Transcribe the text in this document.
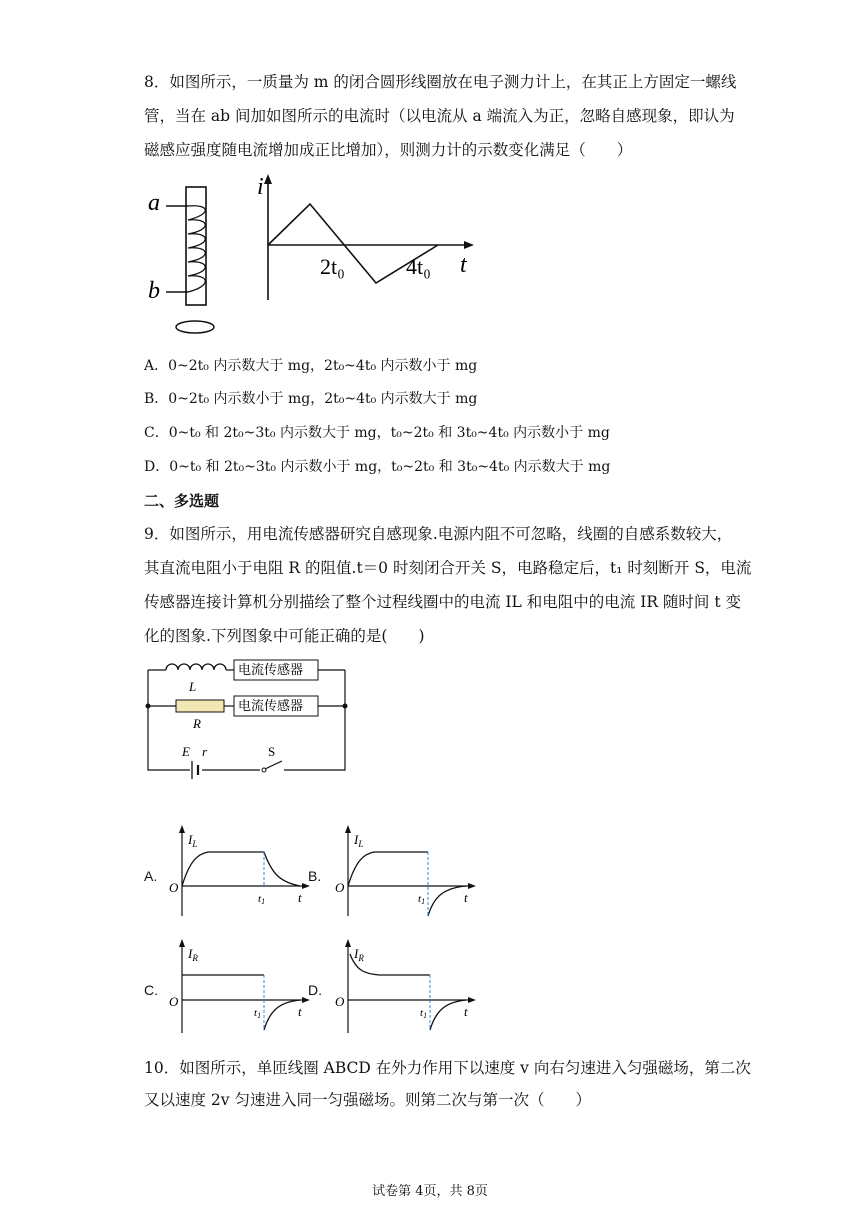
8．如图所示，一质量为 m 的闭合圆形线圈放在电子测力计上，在其正上方固定一螺线
管，当在 ab 间加如图所示的电流时（以电流从 a 端流入为正，忽略自感现象，即认为
磁感应强度随电流增加成正比增加），则测力计的示数变化满足（　　）
a
b
i
t
2t₀	4t₀
A．0~2t₀ 内示数大于 mg，2t₀~4t₀ 内示数小于 mg
B．0~2t₀ 内示数小于 mg，2t₀~4t₀ 内示数大于 mg
C．0~t₀ 和 2t₀~3t₀ 内示数大于 mg，t₀~2t₀ 和 3t₀~4t₀ 内示数小于 mg
D．0~t₀ 和 2t₀~3t₀ 内示数小于 mg，t₀~2t₀ 和 3t₀~4t₀ 内示数大于 mg
二、多选题
9．如图所示，用电流传感器研究自感现象.电源内阻不可忽略，线圈的自感系数较大，
其直流电阻小于电阻 R 的阻值.t＝0 时刻闭合开关 S，电路稳定后，t₁ 时刻断开 S，电流
传感器连接计算机分别描绘了整个过程线圈中的电流 IL 和电阻中的电流 IR 随时间 t 变
化的图象.下列图象中可能正确的是(　　)
电流传感器
电流传感器
L
R
E r	S
A.	B.
C.	D.
$I_L$
O
t
t1
$I_L$
O
t
t1
$I_R$
O
t
t1
$I_R$
O
t
t1
10．如图所示，单匝线圈 ABCD 在外力作用下以速度 v 向右匀速进入匀强磁场，第二次
又以速度 2v 匀速进入同一匀强磁场。则第二次与第一次（　　）
试卷第 4页，共 8页
